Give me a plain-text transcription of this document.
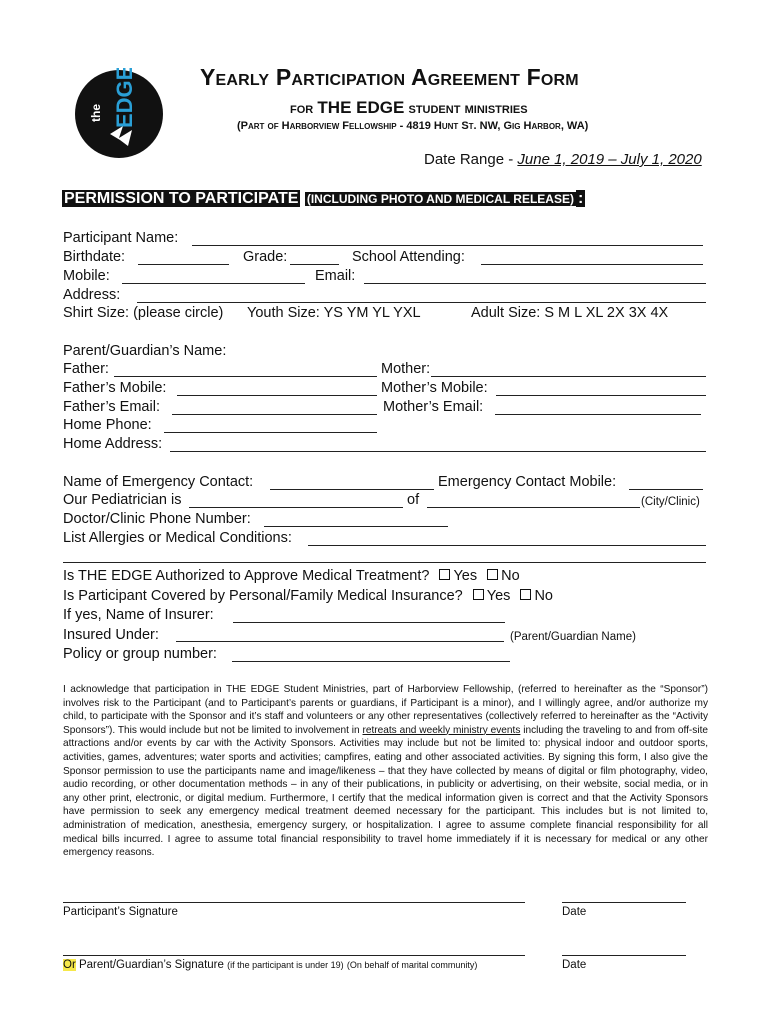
the EDGE	Yearly Participation Agreement Form
for THE EDGE student ministries
(Part of Harborview Fellowship - 4819 Hunt St. NW, Gig Harbor, WA)
Date Range - June 1, 2019 – July 1, 2020
PERMISSION TO PARTICIPATE (INCLUDING PHOTO AND MEDICAL RELEASE) :
Participant Name:
Birthdate:	Grade:	School Attending:
Mobile:	Email:
Address:
Shirt Size: (please circle) Youth Size: YS YM YL YXL	Adult Size: S M L XL 2X 3X 4X
Parent/Guardian’s Name:
Father:	Mother:
Father’s Mobile:	Mother’s Mobile:
Father’s Email:	Mother’s Email:
Home Phone:
Home Address:
Name of Emergency Contact:	Emergency Contact Mobile:
Our Pediatrician is	of	(City/Clinic)
Doctor/Clinic Phone Number:
List Allergies or Medical Conditions:
Is THE EDGE Authorized to Approve Medical Treatment? Yes No
Is Participant Covered by Personal/Family Medical Insurance? Yes No
If yes, Name of Insurer:
Insured Under:	(Parent/Guardian Name)
Policy or group number:
I acknowledge that participation in THE EDGE Student Ministries, part of Harborview Fellowship, (referred to hereinafter as the “Sponsor”) involves risk to the Participant (and to Participant’s parents or guardians, if Participant is a minor), and I willingly agree, and/or authorize my child, to participate with the Sponsor and it’s staff and volunteers or any other representatives (collectively referred to hereinafter as the “Activity Sponsors”). This would include but not be limited to involvement in retreats and weekly ministry events including the traveling to and from off-site attractions and/or events by car with the Activity Sponsors. Activities may include but not be limited to: physical indoor and outdoor sports, activities, games, adventures; water sports and activities; campfires, eating and other associated activities. By signing this form, I also give the Sponsor permission to use the participants name and image/likeness – that they have collected by means of digital or film photography, video, audio recording, or other documentation methods – in any of their publications, in publicity or advertising, on their website, social media, or in any other print, electronic, or digital medium. Furthermore, I certify that the medical information given is correct and that the Activity Sponsors have permission to seek any emergency medical treatment deemed necessary for the participant. This includes but is not limited to, administration of medication, anesthesia, emergency surgery, or hospitalization. I agree to assume complete financial responsibility for all medical bills incurred. I agree to assume total financial responsibility to travel home immediately if it is necessary for medical or any other emergency reasons.
Participant’s Signature	Date
Or Parent/Guardian’s Signature (if the participant is under 19) (On behalf of marital community)	Date
